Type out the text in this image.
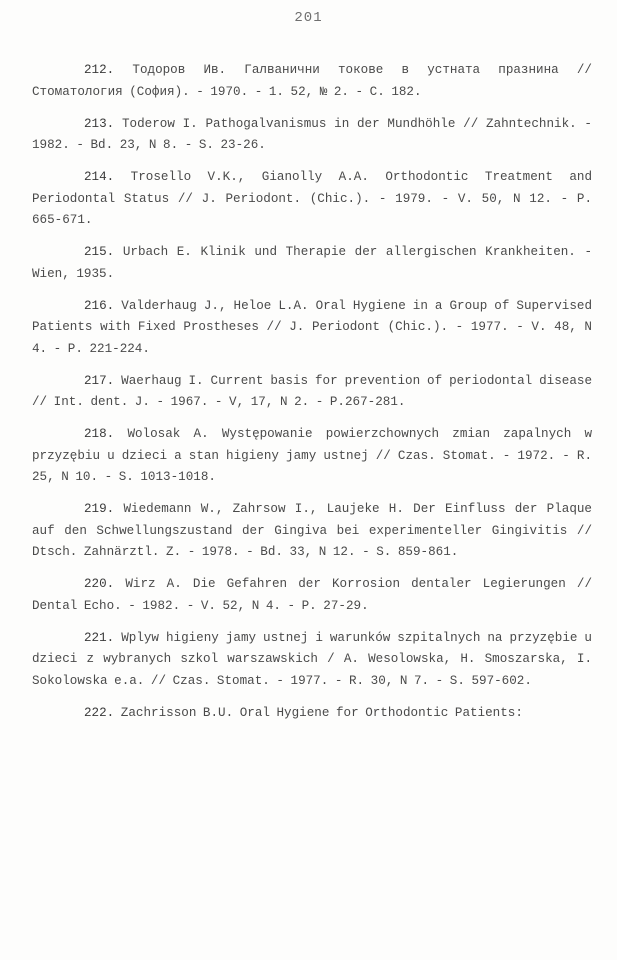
201

212. Тодоров Ив. Галванични токове в устната празнина // Стоматология (София). - 1970. - 1. 52, № 2. - С. 182.

213. Toderow I. Pathogalvanismus in der Mundhöhle // Zahntechnik. - 1982. - Bd. 23, N 8. - S. 23-26.

214. Trosello V.K., Gianolly A.A. Orthodontic Treatment and Periodontal Status // J. Periodont. (Chic.). - 1979. - V. 50, N 12. - P. 665-671.

215. Urbach E. Klinik und Therapie der allergischen Krankheiten. - Wien, 1935.

216. Valderhaug J., Heloe L.A. Oral Hygiene in a Group of Supervised Patients with Fixed Prostheses // J. Periodont (Chic.). - 1977. - V. 48, N 4. - P. 221-224.

217. Waerhaug I. Current basis for prevention of periodontal disease // Int. dent. J. - 1967. - V, 17, N 2. - P.267-281.

218. Wolosak A. Występowanie powierzchownych zmian zapalnych w przyzębiu u dzieci a stan higieny jamy ustnej // Czas. Stomat. - 1972. - R. 25, N 10. - S. 1013-1018.

219. Wiedemann W., Zahrsow I., Laujeke H. Der Einfluss der Plaque auf den Schwellungszustand der Gingiva bei experimenteller Gingivitis // Dtsch. Zahnärztl. Z. - 1978. - Bd. 33, N 12. - S. 859-861.

220. Wirz A. Die Gefahren der Korrosion dentaler Legierungen // Dental Echo. - 1982. - V. 52, N 4. - P. 27-29.

221. Wplyw higieny jamy ustnej i warunków szpitalnych na przyzębie u dzieci z wybranych szkol warszawskich / A. Wesolowska, H. Smoszarska, I. Sokolowska e.a. // Czas. Stomat. - 1977. - R. 30, N 7. - S. 597-602.

222. Zachrisson B.U. Oral Hygiene for Orthodontic Patients:
